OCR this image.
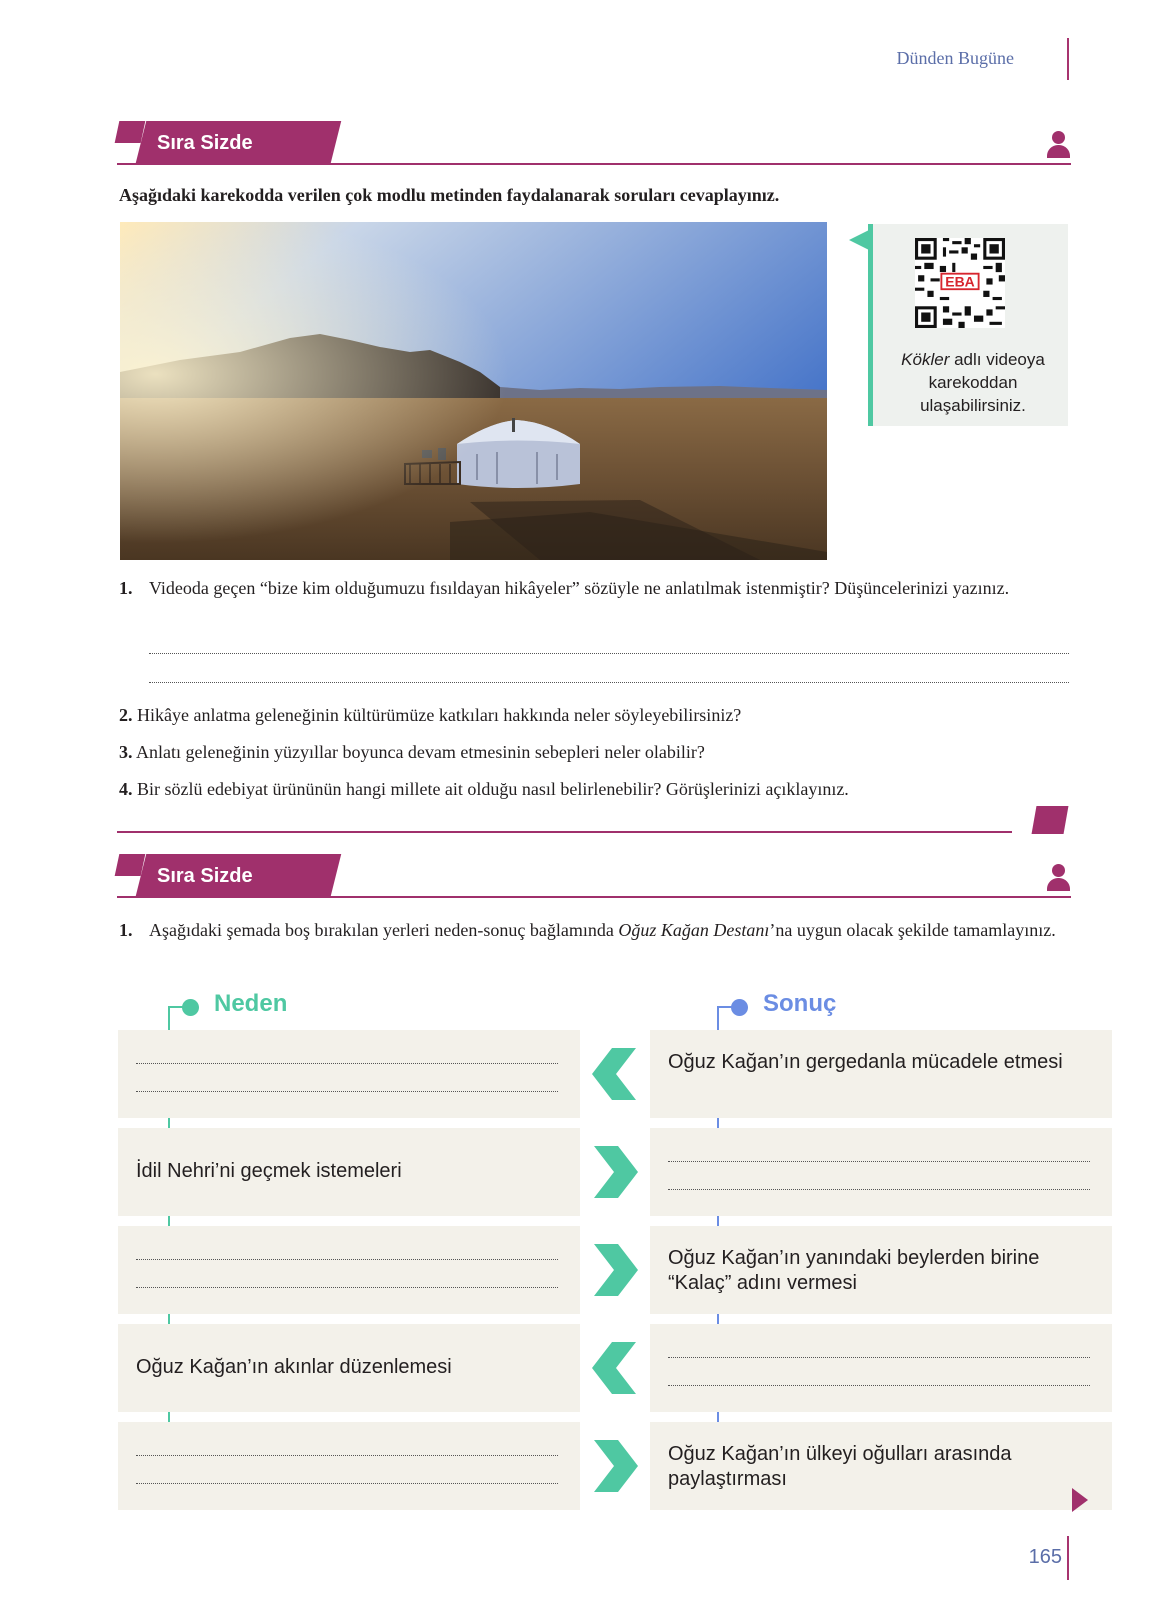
Dünden Bugüne
Sıra Sizde
Aşağıdaki karekodda verilen çok modlu metinden faydalanarak soruları cevaplayınız.
EBA
Kökler adlı videoya karekoddan ulaşabilirsiniz.
1. Videoda geçen “bize kim olduğumuzu fısıldayan hikâyeler” sözüyle ne anlatılmak istenmiştir? Düşüncelerinizi yazınız.
2. Hikâye anlatma geleneğinin kültürümüze katkıları hakkında neler söyleyebilirsiniz?
3. Anlatı geleneğinin yüzyıllar boyunca devam etmesinin sebepleri neler olabilir?
4. Bir sözlü edebiyat ürününün hangi millete ait olduğu nasıl belirlenebilir? Görüşlerinizi açıklayınız.
Sıra Sizde
1. Aşağıdaki şemada boş bırakılan yerleri neden-sonuç bağlamında Oğuz Kağan Destanı’na uygun olacak şekilde tamamlayınız.
Neden	Sonuç
Oğuz Kağan’ın gergedanla mücadele etmesi
İdil Nehri’ni geçmek istemeleri
Oğuz Kağan’ın yanındaki beylerden birine “Kalaç” adını vermesi
Oğuz Kağan’ın akınlar düzenlemesi
Oğuz Kağan’ın ülkeyi oğulları arasında paylaştırması
165
